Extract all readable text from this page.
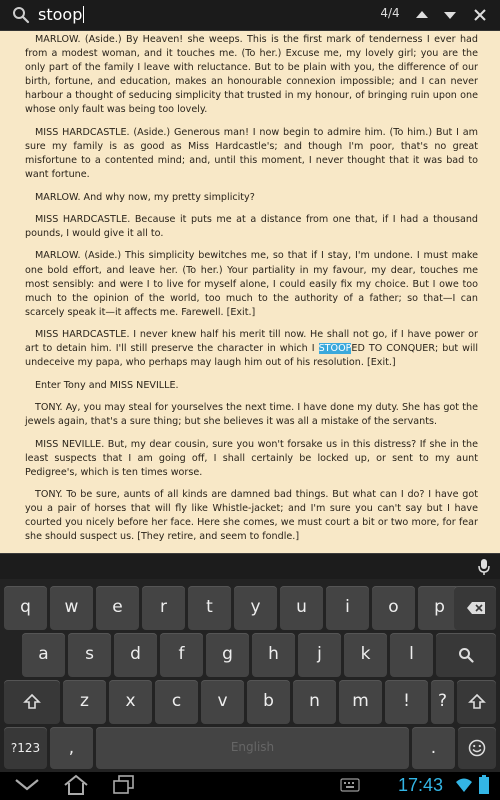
stoop	4/4

MARLOW. (Aside.) By Heaven! she weeps. This is the first mark of tenderness I ever had from a modest woman, and it touches me. (To her.) Excuse me, my lovely girl; you are the only part of the family I leave with reluctance. But to be plain with you, the difference of our birth, fortune, and education, makes an honourable connexion impossible; and I can never harbour a thought of seducing simplicity that trusted in my honour, of bringing ruin upon one whose only fault was being too lovely.

MISS HARDCASTLE. (Aside.) Generous man! I now begin to admire him. (To him.) But I am sure my family is as good as Miss Hardcastle's; and though I'm poor, that's no great misfortune to a contented mind; and, until this moment, I never thought that it was bad to want fortune.

MARLOW. And why now, my pretty simplicity?

MISS HARDCASTLE. Because it puts me at a distance from one that, if I had a thousand pounds, I would give it all to.

MARLOW. (Aside.) This simplicity bewitches me, so that if I stay, I'm undone. I must make one bold effort, and leave her. (To her.) Your partiality in my favour, my dear, touches me most sensibly: and were I to live for myself alone, I could easily fix my choice. But I owe too much to the opinion of the world, too much to the authority of a father; so that—I can scarcely speak it—it affects me. Farewell. [Exit.]

MISS HARDCASTLE. I never knew half his merit till now. He shall not go, if I have power or art to detain him. I'll still preserve the character in which I STOOPED TO CONQUER; but will undeceive my papa, who perhaps may laugh him out of his resolution. [Exit.]

Enter Tony and MISS NEVILLE.

TONY. Ay, you may steal for yourselves the next time. I have done my duty. She has got the jewels again, that's a sure thing; but she believes it was all a mistake of the servants.

MISS NEVILLE. But, my dear cousin, sure you won't forsake us in this distress? If she in the least suspects that I am going off, I shall certainly be locked up, or sent to my aunt Pedigree's, which is ten times worse.

TONY. To be sure, aunts of all kinds are damned bad things. But what can I do? I have got you a pair of horses that will fly like Whistle-jacket; and I'm sure you can't say but I have courted you nicely before her face. Here she comes, we must court a bit or two more, for fear she should suspect us. [They retire, and seem to fondle.]

q	w	e	r	t	y	u	i	o	p
a	s	d	f	g	h	j	k	l
z	x	c	v	b	n	m	!	?
?123	,	English	.
17:43
